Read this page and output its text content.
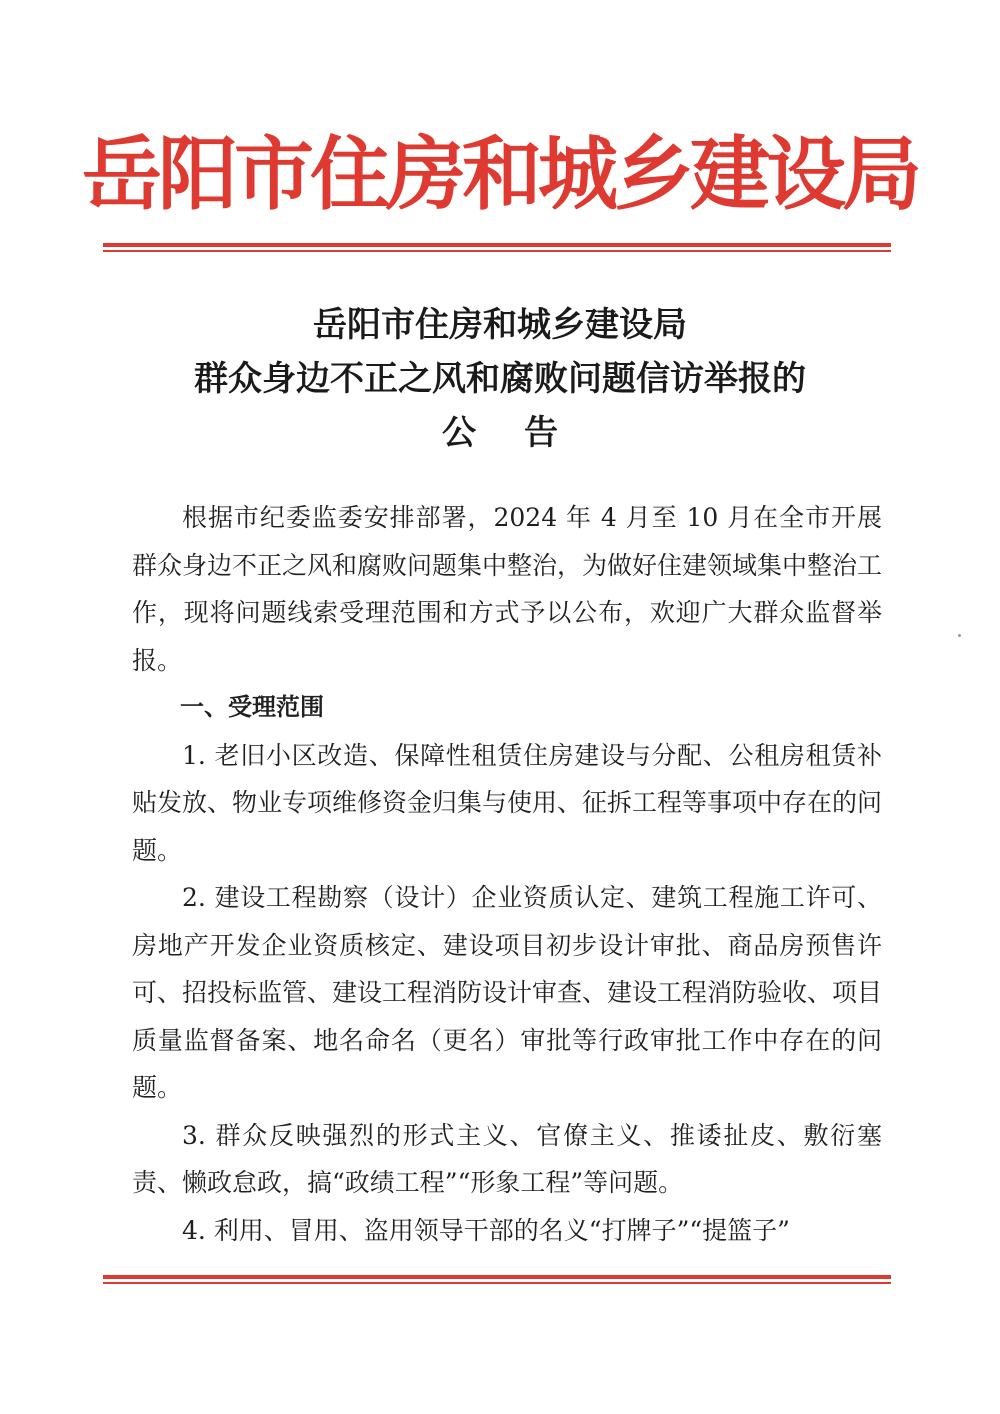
岳阳市住房和城乡建设局
岳阳市住房和城乡建设局
群众身边不正之风和腐败问题信访举报的
公告

根据市纪委监委安排部署，2024 年 4 月至 10 月在全市开展群众身边不正之风和腐败问题集中整治，为做好住建领域集中整治工作，现将问题线索受理范围和方式予以公布，欢迎广大群众监督举报。

一、受理范围

1. 老旧小区改造、保障性租赁住房建设与分配、公租房租赁补贴发放、物业专项维修资金归集与使用、征拆工程等事项中存在的问题。

2. 建设工程勘察（设计）企业资质认定、建筑工程施工许可、房地产开发企业资质核定、建设项目初步设计审批、商品房预售许可、招投标监管、建设工程消防设计审查、建设工程消防验收、项目质量监督备案、地名命名（更名）审批等行政审批工作中存在的问题。

3. 群众反映强烈的形式主义、官僚主义、推诿扯皮、敷衍塞责、懒政怠政，搞“政绩工程”“形象工程”等问题。

4. 利用、冒用、盗用领导干部的名义“打牌子”“提篮子”
